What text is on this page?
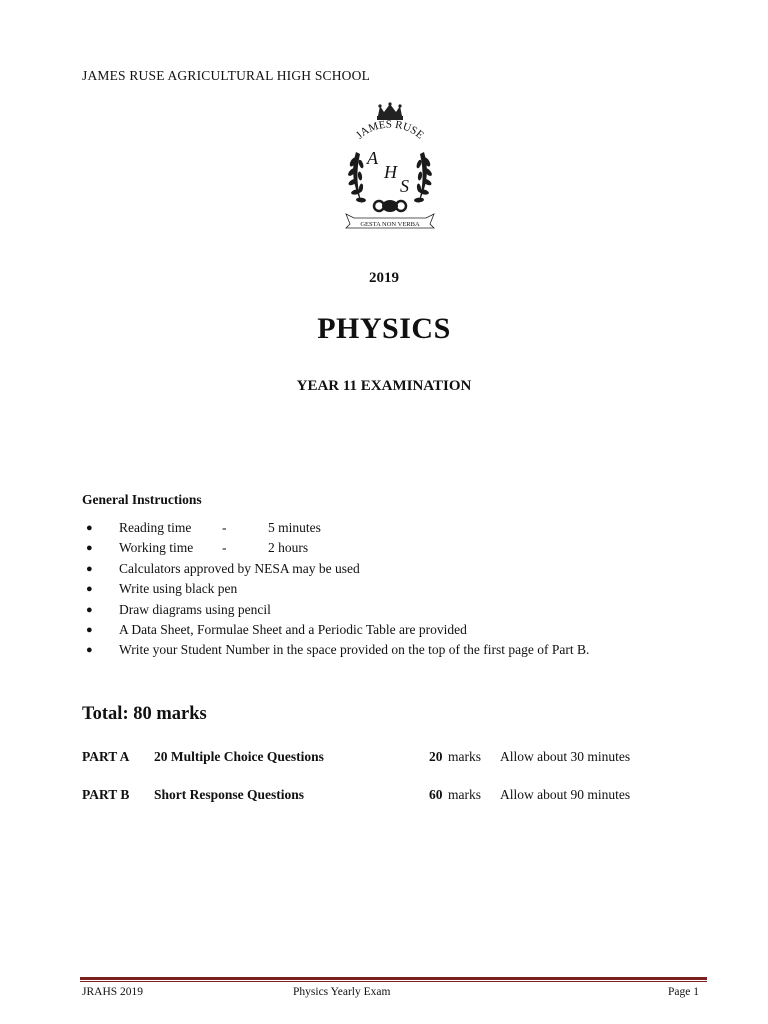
JAMES RUSE AGRICULTURAL HIGH SCHOOL
JAMES RUSE
A
H
S
GESTA NON VERBA
2019
PHYSICS
YEAR 11 EXAMINATION
General Instructions
● Reading time -	5 minutes
● Working time -	2 hours
● Calculators approved by NESA may be used
● Write using black pen
● Draw diagrams using pencil
● A Data Sheet, Formulae Sheet and a Periodic Table are provided
● Write your Student Number in the space provided on the top of the first page of Part B.
Total: 80 marks
PART A 20 Multiple Choice Questions	20 marks Allow about 30 minutes
PART B Short Response Questions	60 marks Allow about 90 minutes
JRAHS 2019	Physics Yearly Exam	Page 1
